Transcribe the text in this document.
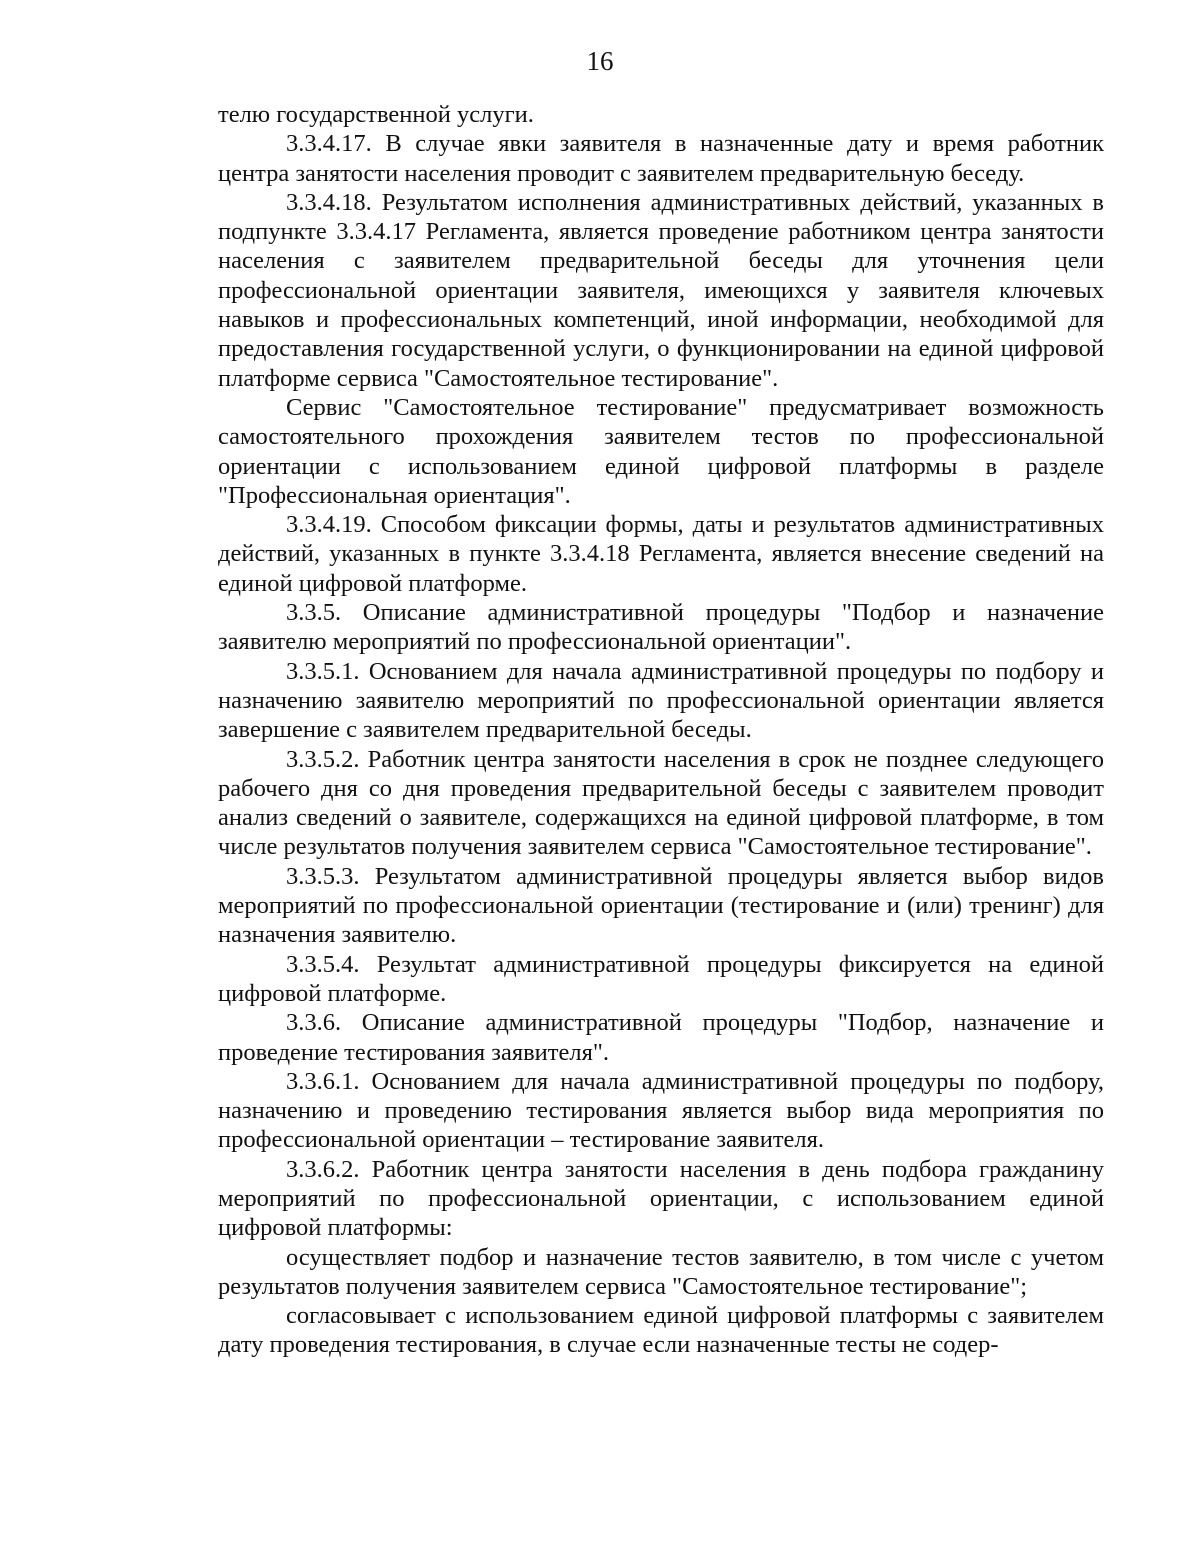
16

телю государственной услуги.

3.3.4.17. В случае явки заявителя в назначенные дату и время работник центра занятости населения проводит с заявителем предварительную беседу.

3.3.4.18. Результатом исполнения административных действий, указанных в подпункте 3.3.4.17 Регламента, является проведение работником центра занятости населения с заявителем предварительной беседы для уточнения цели профессиональной ориентации заявителя, имеющихся у заявителя ключевых навыков и профессиональных компетенций, иной информации, необходимой для предоставления государственной услуги, о функционировании на единой цифровой платформе сервиса "Самостоятельное тестирование".

Сервис "Самостоятельное тестирование" предусматривает возможность самостоятельного прохождения заявителем тестов по профессиональной ориентации с использованием единой цифровой платформы в разделе "Профессиональная ориентация".

3.3.4.19. Способом фиксации формы, даты и результатов административных действий, указанных в пункте 3.3.4.18 Регламента, является внесение сведений на единой цифровой платформе.

3.3.5. Описание административной процедуры "Подбор и назначение заявителю мероприятий по профессиональной ориентации".

3.3.5.1. Основанием для начала административной процедуры по подбору и назначению заявителю мероприятий по профессиональной ориентации является завершение с заявителем предварительной беседы.

3.3.5.2. Работник центра занятости населения в срок не позднее следующего рабочего дня со дня проведения предварительной беседы с заявителем проводит анализ сведений о заявителе, содержащихся на единой цифровой платформе, в том числе результатов получения заявителем сервиса "Самостоятельное тестирование".

3.3.5.3. Результатом административной процедуры является выбор видов мероприятий по профессиональной ориентации (тестирование и (или) тренинг) для назначения заявителю.

3.3.5.4. Результат административной процедуры фиксируется на единой цифровой платформе.

3.3.6. Описание административной процедуры "Подбор, назначение и проведение тестирования заявителя".

3.3.6.1. Основанием для начала административной процедуры по подбору, назначению и проведению тестирования является выбор вида мероприятия по профессиональной ориентации – тестирование заявителя.

3.3.6.2. Работник центра занятости населения в день подбора гражданину мероприятий по профессиональной ориентации, с использованием единой цифровой платформы:

осуществляет подбор и назначение тестов заявителю, в том числе с учетом результатов получения заявителем сервиса "Самостоятельное тестирование";

согласовывает с использованием единой цифровой платформы с заявителем дату проведения тестирования, в случае если назначенные тесты не содер-
